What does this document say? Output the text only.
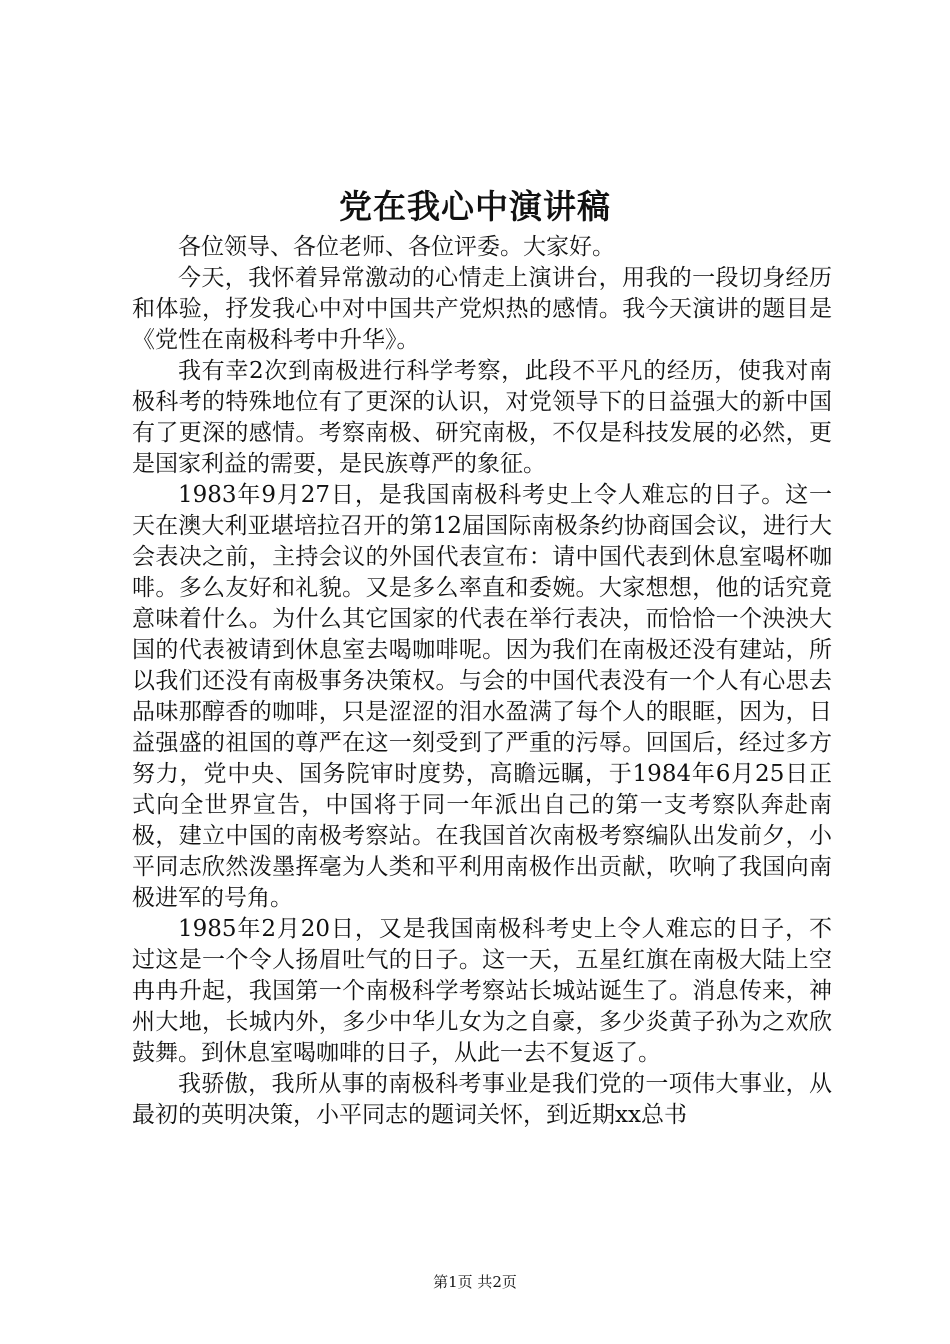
党在我心中演讲稿

各位领导、各位老师、各位评委。大家好。

今天，我怀着异常激动的心情走上演讲台，用我的一段切身经历和体验，抒发我心中对中国共产党炽热的感情。我今天演讲的题目是《党性在南极科考中升华》。

我有幸2次到南极进行科学考察，此段不平凡的经历，使我对南极科考的特殊地位有了更深的认识，对党领导下的日益强大的新中国有了更深的感情。考察南极、研究南极，不仅是科技发展的必然，更是国家利益的需要，是民族尊严的象征。

1983年9月27日，是我国南极科考史上令人难忘的日子。这一天在澳大利亚堪培拉召开的第12届国际南极条约协商国会议，进行大会表决之前，主持会议的外国代表宣布：请中国代表到休息室喝杯咖啡。多么友好和礼貌。又是多么率直和委婉。大家想想，他的话究竟意味着什么。为什么其它国家的代表在举行表决，而恰恰一个泱泱大国的代表被请到休息室去喝咖啡呢。因为我们在南极还没有建站，所以我们还没有南极事务决策权。与会的中国代表没有一个人有心思去品味那醇香的咖啡，只是涩涩的泪水盈满了每个人的眼眶，因为，日益强盛的祖国的尊严在这一刻受到了严重的污辱。回国后，经过多方努力，党中央、国务院审时度势，高瞻远瞩，于1984年6月25日正式向全世界宣告，中国将于同一年派出自己的第一支考察队奔赴南极，建立中国的南极考察站。在我国首次南极考察编队出发前夕，小平同志欣然泼墨挥毫为人类和平利用南极作出贡献，吹响了我国向南极进军的号角。

1985年2月20日，又是我国南极科考史上令人难忘的日子，不过这是一个令人扬眉吐气的日子。这一天，五星红旗在南极大陆上空冉冉升起，我国第一个南极科学考察站长城站诞生了。消息传来，神州大地，长城内外，多少中华儿女为之自豪，多少炎黄子孙为之欢欣鼓舞。到休息室喝咖啡的日子，从此一去不复返了。

我骄傲，我所从事的南极科考事业是我们党的一项伟大事业，从最初的英明决策，小平同志的题词关怀，到近期xx总书

第1页 共2页
